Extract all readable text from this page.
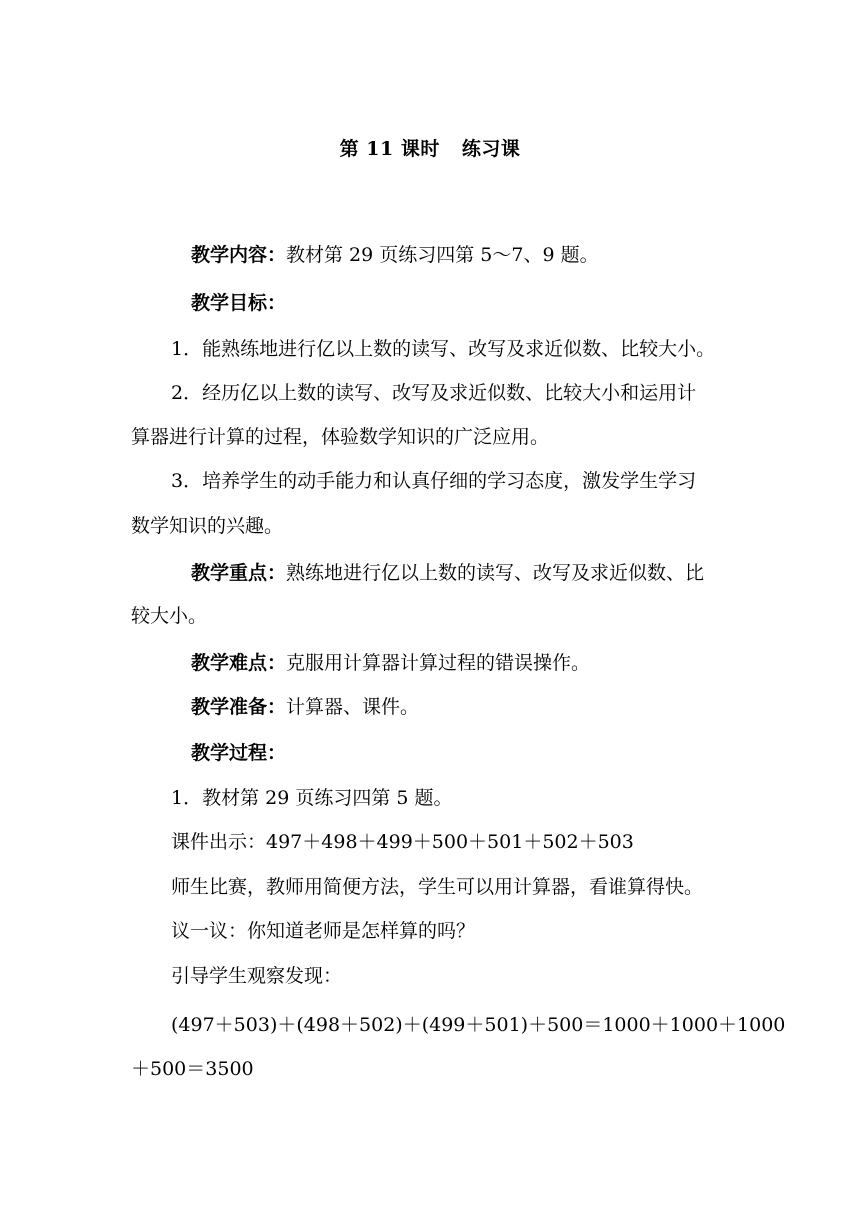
第 11 课时 练习课
教学内容：教材第 29 页练习四第 5～7、9 题。
教学目标：
1．能熟练地进行亿以上数的读写、改写及求近似数、比较大小。
2．经历亿以上数的读写、改写及求近似数、比较大小和运用计
算器进行计算的过程，体验数学知识的广泛应用。
3．培养学生的动手能力和认真仔细的学习态度，激发学生学习
数学知识的兴趣。
教学重点：熟练地进行亿以上数的读写、改写及求近似数、比
较大小。
教学难点：克服用计算器计算过程的错误操作。
教学准备：计算器、课件。
教学过程：
1．教材第 29 页练习四第 5 题。
课件出示：497＋498＋499＋500＋501＋502＋503
师生比赛，教师用简便方法，学生可以用计算器，看谁算得快。
议一议：你知道老师是怎样算的吗？
引导学生观察发现：
(497＋503)＋(498＋502)＋(499＋501)＋500＝1000＋1000＋1000
＋500＝3500
